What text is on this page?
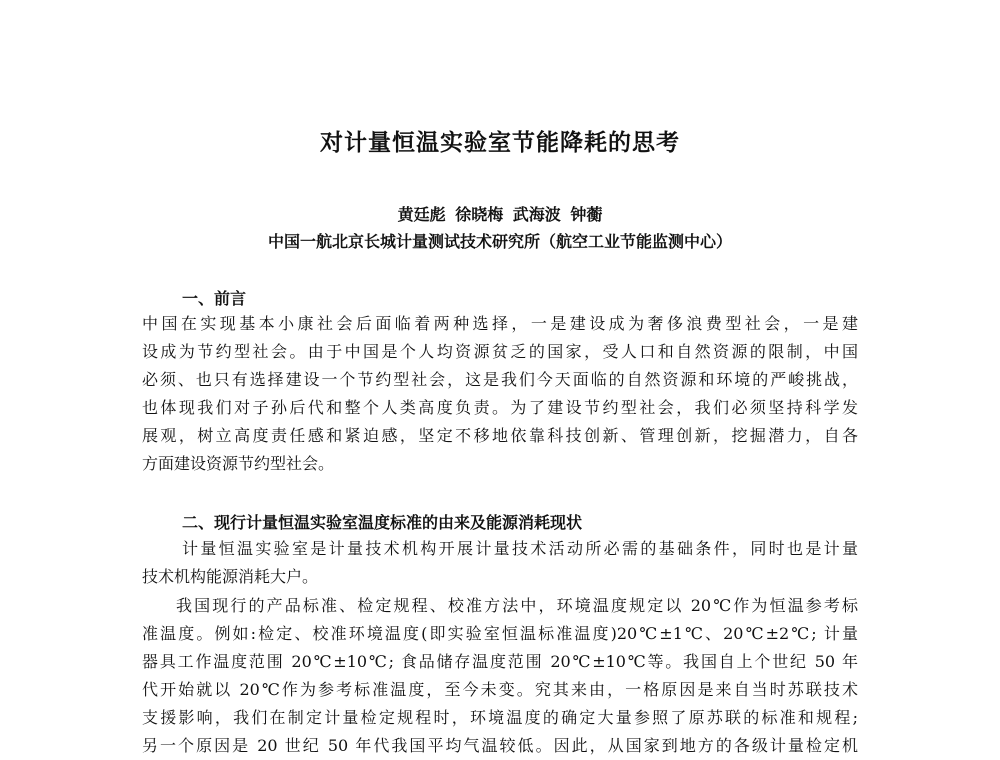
对计量恒温实验室节能降耗的思考
黄廷彪 徐晓梅 武海波 钟蘅
中国一航北京长城计量测试技术研究所（航空工业节能监测中心）
一、前言
中国在实现基本小康社会后面临着两种选择，一是建设成为奢侈浪费型社会，一是建
设成为节约型社会。由于中国是个人均资源贫乏的国家，受人口和自然资源的限制，中国
必须、也只有选择建设一个节约型社会，这是我们今天面临的自然资源和环境的严峻挑战，
也体现我们对子孙后代和整个人类高度负责。为了建设节约型社会，我们必须坚持科学发
展观，树立高度责任感和紧迫感，坚定不移地依靠科技创新、管理创新，挖掘潜力，自各
方面建设资源节约型社会。
二、现行计量恒温实验室温度标准的由来及能源消耗现状
计量恒温实验室是计量技术机构开展计量技术活动所必需的基础条件，同时也是计量
技术机构能源消耗大户。
我国现行的产品标准、检定规程、校准方法中，环境温度规定以 20℃作为恒温参考标
准温度。例如:检定、校准环境温度(即实验室恒温标准温度)20℃±1℃、20℃±2℃; 计量
器具工作温度范围 20℃±10℃; 食品储存温度范围 20℃±10℃等。我国自上个世纪 50 年
代开始就以 20℃作为参考标准温度，至今未变。究其来由，一格原因是来自当时苏联技术
支援影响，我们在制定计量检定规程时，环境温度的确定大量参照了原苏联的标准和规程;
另一个原因是 20 世纪 50 年代我国平均气温较低。因此，从国家到地方的各级计量检定机
